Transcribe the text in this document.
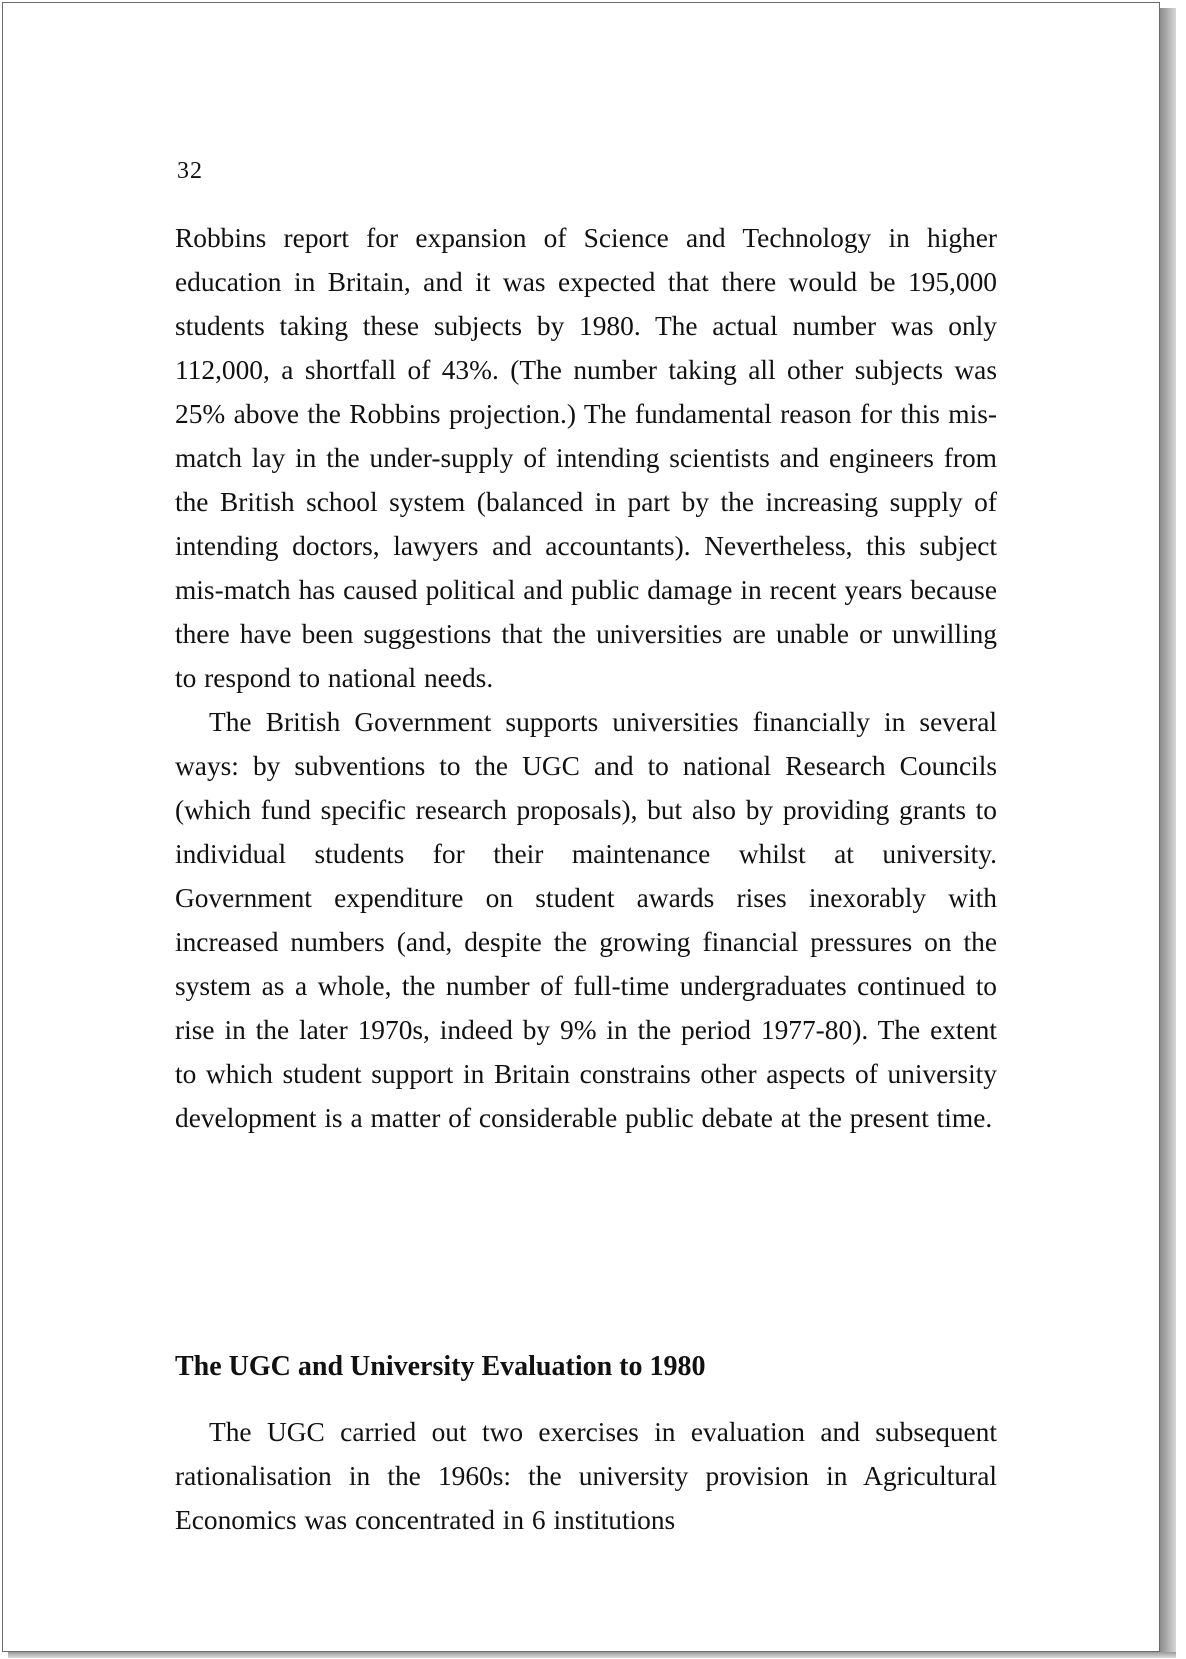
32

Robbins report for expansion of Science and Technology in higher education in Britain, and it was expected that there would be 195,000 students taking these subjects by 1980. The actual number was only 112,000, a shortfall of 43%. (The number taking all other subjects was 25% above the Robbins projection.) The fundamental reason for this mis-match lay in the under-supply of intending scientists and engineers from the British school system (balanced in part by the increasing supply of intending doctors, lawyers and accountants). Nevertheless, this subject mis-match has caused political and public damage in recent years because there have been suggestions that the universities are unable or unwilling to respond to national needs.

The British Government supports universities financially in several ways: by subventions to the UGC and to national Research Councils (which fund specific research proposals), but also by providing grants to individual students for their maintenance whilst at university. Government expenditure on student awards rises inexorably with increased numbers (and, despite the growing financial pressures on the system as a whole, the number of full-time undergraduates continued to rise in the later 1970s, indeed by 9% in the period 1977-80). The extent to which student support in Britain constrains other aspects of university development is a matter of considerable public debate at the present time.

The UGC and University Evaluation to 1980

The UGC carried out two exercises in evaluation and subsequent rationalisation in the 1960s: the university provision in Agricultural Economics was concentrated in 6 institutions
